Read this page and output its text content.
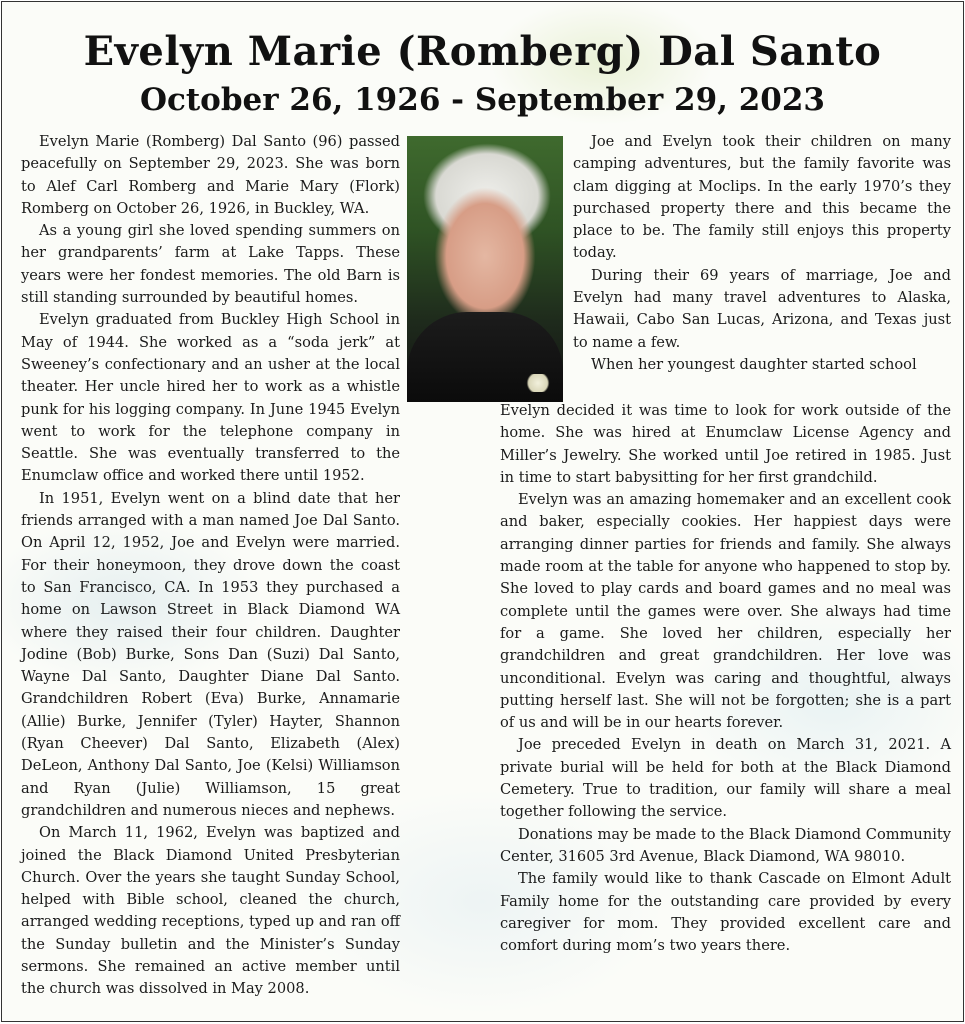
Evelyn Marie (Romberg) Dal Santo
October 26, 1926 - September 29, 2023

Evelyn Marie (Romberg) Dal Santo (96) passed peacefully on September 29, 2023. She was born to Alef Carl Romberg and Marie Mary (Flork) Romberg on October 26, 1926, in Buckley, WA.

As a young girl she loved spending summers on her grandparents’ farm at Lake Tapps. These years were her fondest memories. The old Barn is still standing surrounded by beautiful homes.

Evelyn graduated from Buckley High School in May of 1944. She worked as a “soda jerk” at Sweeney’s confectionary and an usher at the local theater. Her uncle hired her to work as a whistle punk for his logging company. In June 1945 Evelyn went to work for the telephone company in Seattle. She was eventually transferred to the Enumclaw office and worked there until 1952.

In 1951, Evelyn went on a blind date that her friends arranged with a man named Joe Dal Santo. On April 12, 1952, Joe and Evelyn were married. For their honeymoon, they drove down the coast to San Francisco, CA. In 1953 they purchased a home on Lawson Street in Black Diamond WA where they raised their four children. Daughter Jodine (Bob) Burke, Sons Dan (Suzi) Dal Santo, Wayne Dal Santo, Daughter Diane Dal Santo. Grandchildren Robert (Eva) Burke, Annamarie (Allie) Burke, Jennifer (Tyler) Hayter, Shannon (Ryan Cheever) Dal Santo, Elizabeth (Alex) DeLeon, Anthony Dal Santo, Joe (Kelsi) Williamson and Ryan (Julie) Williamson, 15 great grandchildren and numerous nieces and nephews.

On March 11, 1962, Evelyn was baptized and joined the Black Diamond United Presbyterian Church. Over the years she taught Sunday School, helped with Bible school, cleaned the church, arranged wedding receptions, typed up and ran off the Sunday bulletin and the Minister’s Sunday sermons. She remained an active member until the church was dissolved in May 2008.

Joe and Evelyn took their children on many camping adventures, but the family favorite was clam digging at Moclips. In the early 1970’s they purchased property there and this became the place to be. The family still enjoys this property today.

During their 69 years of marriage, Joe and Evelyn had many travel adventures to Alaska, Hawaii, Cabo San Lucas, Arizona, and Texas just to name a few.

When her youngest daughter started school

Evelyn decided it was time to look for work outside of the home. She was hired at Enumclaw License Agency and Miller’s Jewelry. She worked until Joe retired in 1985. Just in time to start babysitting for her first grandchild.

Evelyn was an amazing homemaker and an excellent cook and baker, especially cookies. Her happiest days were arranging dinner parties for friends and family. She always made room at the table for anyone who happened to stop by. She loved to play cards and board games and no meal was complete until the games were over. She always had time for a game. She loved her children, especially her grandchildren and great grandchildren. Her love was unconditional. Evelyn was caring and thoughtful, always putting herself last. She will not be forgotten; she is a part of us and will be in our hearts forever.

Joe preceded Evelyn in death on March 31, 2021. A private burial will be held for both at the Black Diamond Cemetery. True to tradition, our family will share a meal together following the service.

Donations may be made to the Black Diamond Community Center, 31605 3rd Avenue, Black Diamond, WA 98010.

The family would like to thank Cascade on Elmont Adult Family home for the outstanding care provided by every caregiver for mom. They provided excellent care and comfort during mom’s two years there.
